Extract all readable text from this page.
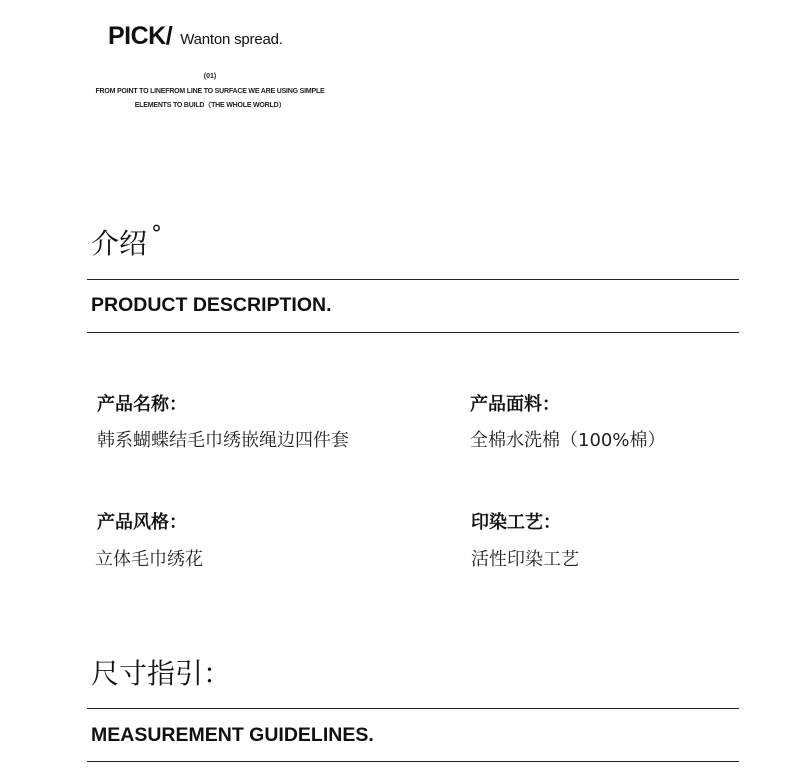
PICK/ Wanton spread.
(01)
FROM POINT TO LINEFROM LINE TO SURFACE WE ARE USING SIMPLE
ELEMENTS TO BUILD（THE WHOLE WORLD）
介绍 °
PRODUCT DESCRIPTION.
产品名称：
韩系蝴蝶结毛巾绣嵌绳边四件套
产品面料：
全棉水洗棉（100%棉）
产品风格：
立体毛巾绣花
印染工艺：
活性印染工艺
尺寸指引：
MEASUREMENT GUIDELINES.
